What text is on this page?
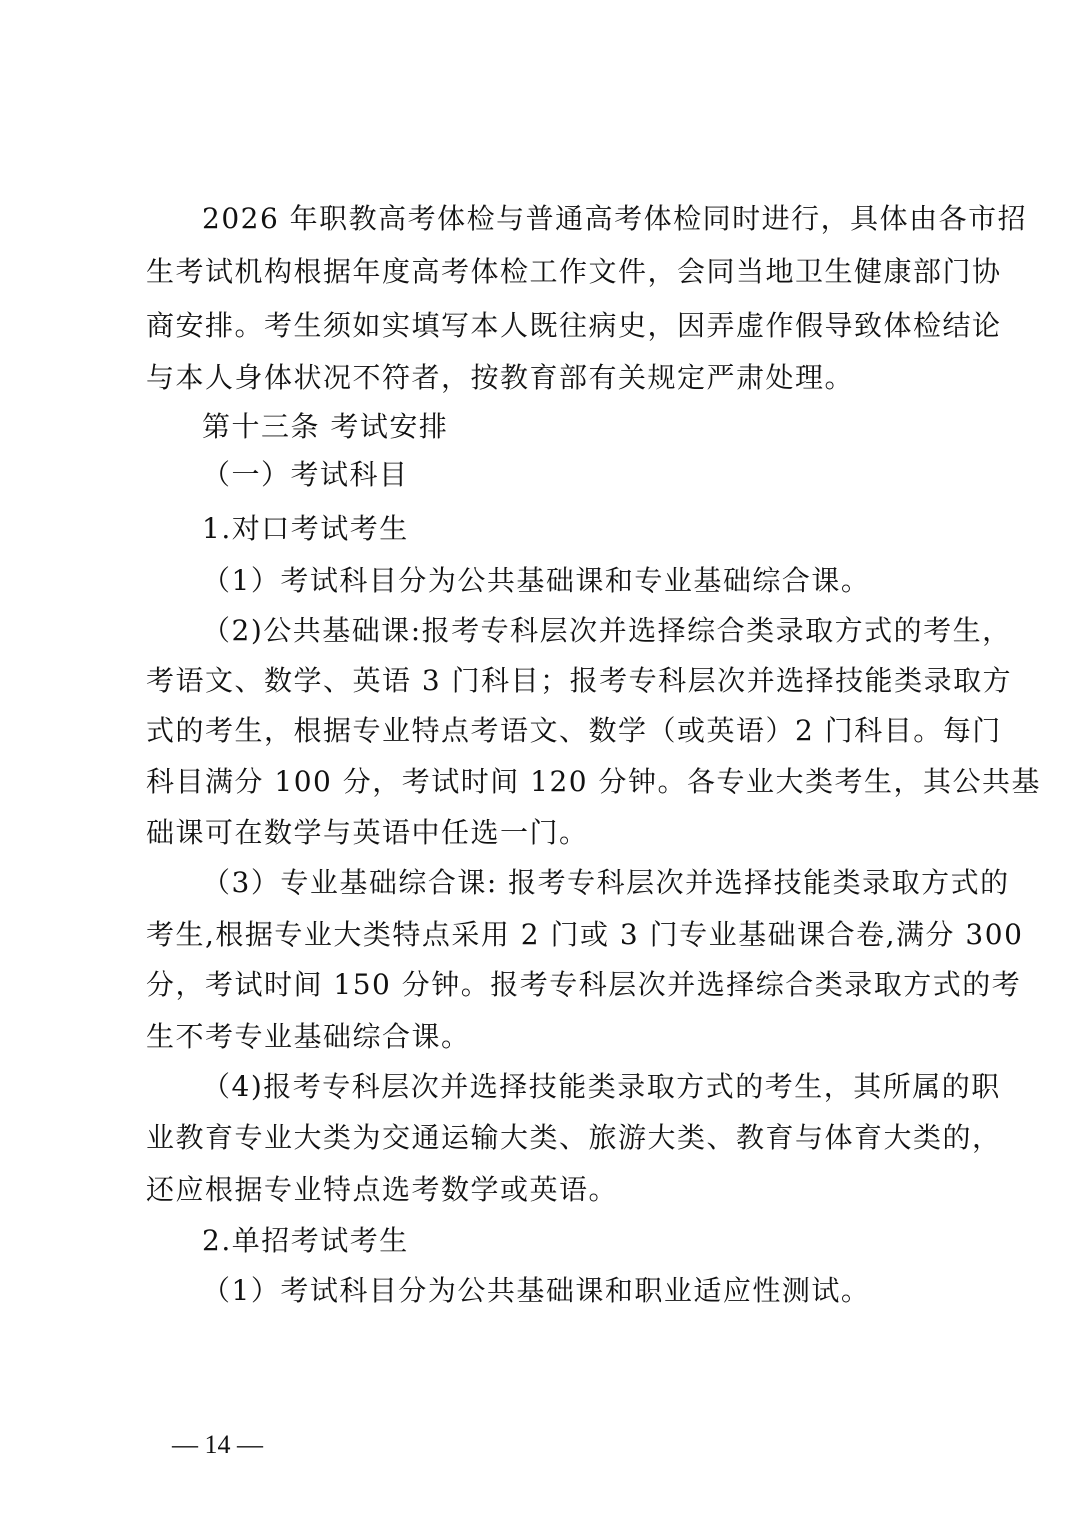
2026 年职教高考体检与普通高考体检同时进行，具体由各市招
生考试机构根据年度高考体检工作文件，会同当地卫生健康部门协
商安排。考生须如实填写本人既往病史，因弄虚作假导致体检结论
与本人身体状况不符者，按教育部有关规定严肃处理。
第十三条 考试安排
（一）考试科目
1.对口考试考生
（1）考试科目分为公共基础课和专业基础综合课。
（2)公共基础课:报考专科层次并选择综合类录取方式的考生，
考语文、数学、英语 3 门科目；报考专科层次并选择技能类录取方
式的考生，根据专业特点考语文、数学（或英语）2 门科目。每门
科目满分 100 分，考试时间 120 分钟。各专业大类考生，其公共基
础课可在数学与英语中任选一门。
（3）专业基础综合课: 报考专科层次并选择技能类录取方式的
考生,根据专业大类特点采用 2 门或 3 门专业基础课合卷,满分 300
分，考试时间 150 分钟。报考专科层次并选择综合类录取方式的考
生不考专业基础综合课。
（4)报考专科层次并选择技能类录取方式的考生，其所属的职
业教育专业大类为交通运输大类、旅游大类、教育与体育大类的，
还应根据专业特点选考数学或英语。
2.单招考试考生
（1）考试科目分为公共基础课和职业适应性测试。
— 14 —
